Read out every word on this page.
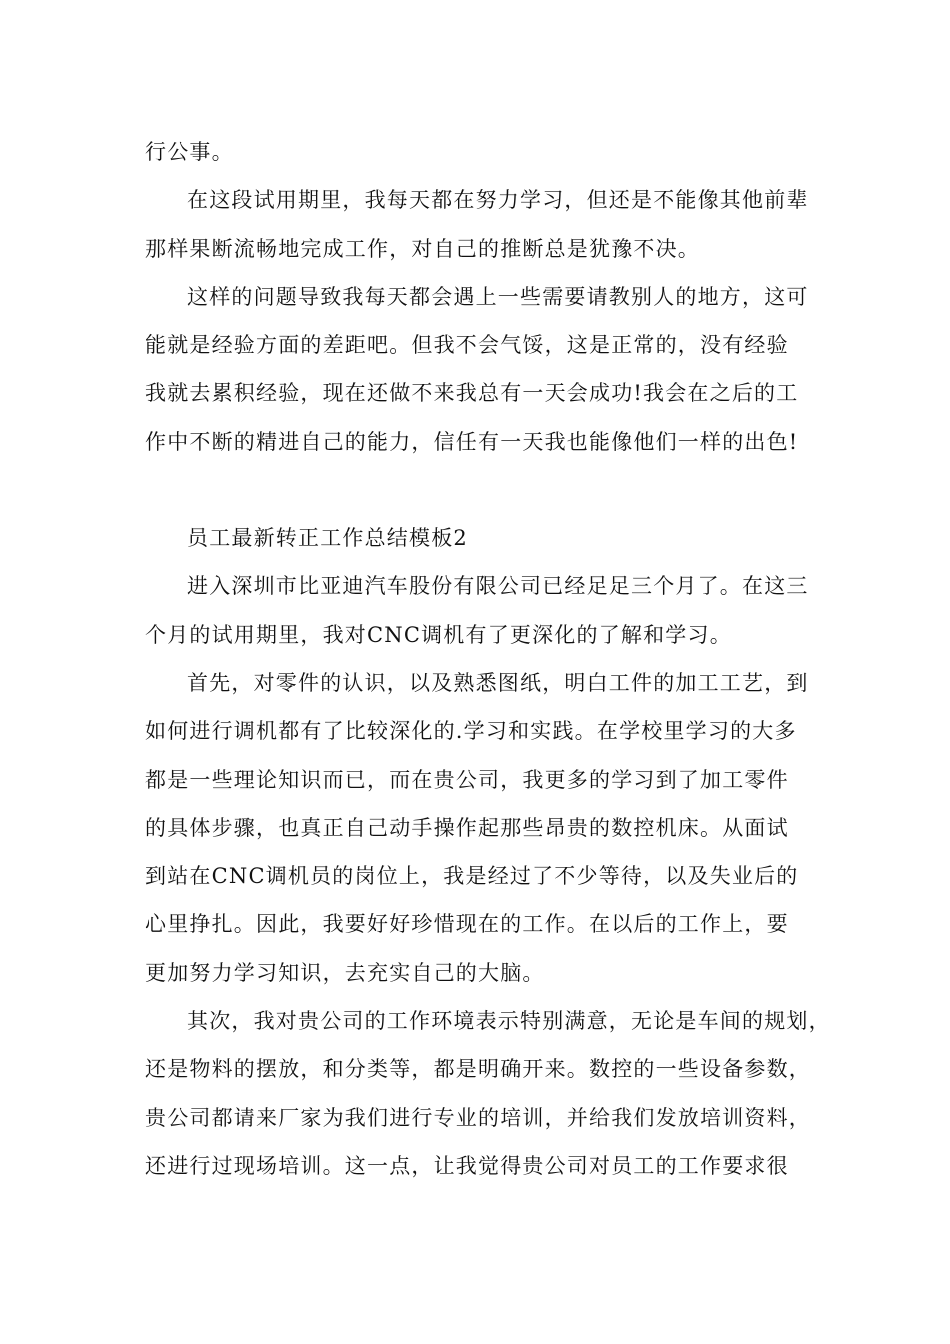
行公事。

在这段试用期里，我每天都在努力学习，但还是不能像其他前辈
那样果断流畅地完成工作，对自己的推断总是犹豫不决。

这样的问题导致我每天都会遇上一些需要请教别人的地方，这可
能就是经验方面的差距吧。但我不会气馁，这是正常的，没有经验
我就去累积经验，现在还做不来我总有一天会成功!我会在之后的工
作中不断的精进自己的能力，信任有一天我也能像他们一样的出色!

员工最新转正工作总结模板2

进入深圳市比亚迪汽车股份有限公司已经足足三个月了。在这三
个月的试用期里，我对CNC调机有了更深化的了解和学习。

首先，对零件的认识，以及熟悉图纸，明白工件的加工工艺，到
如何进行调机都有了比较深化的.学习和实践。在学校里学习的大多
都是一些理论知识而已，而在贵公司，我更多的学习到了加工零件
的具体步骤，也真正自己动手操作起那些昂贵的数控机床。从面试
到站在CNC调机员的岗位上，我是经过了不少等待，以及失业后的
心里挣扎。因此，我要好好珍惜现在的工作。在以后的工作上，要
更加努力学习知识，去充实自己的大脑。

其次，我对贵公司的工作环境表示特别满意，无论是车间的规划，
还是物料的摆放，和分类等，都是明确开来。数控的一些设备参数，
贵公司都请来厂家为我们进行专业的培训，并给我们发放培训资料，
还进行过现场培训。这一点，让我觉得贵公司对员工的工作要求很
